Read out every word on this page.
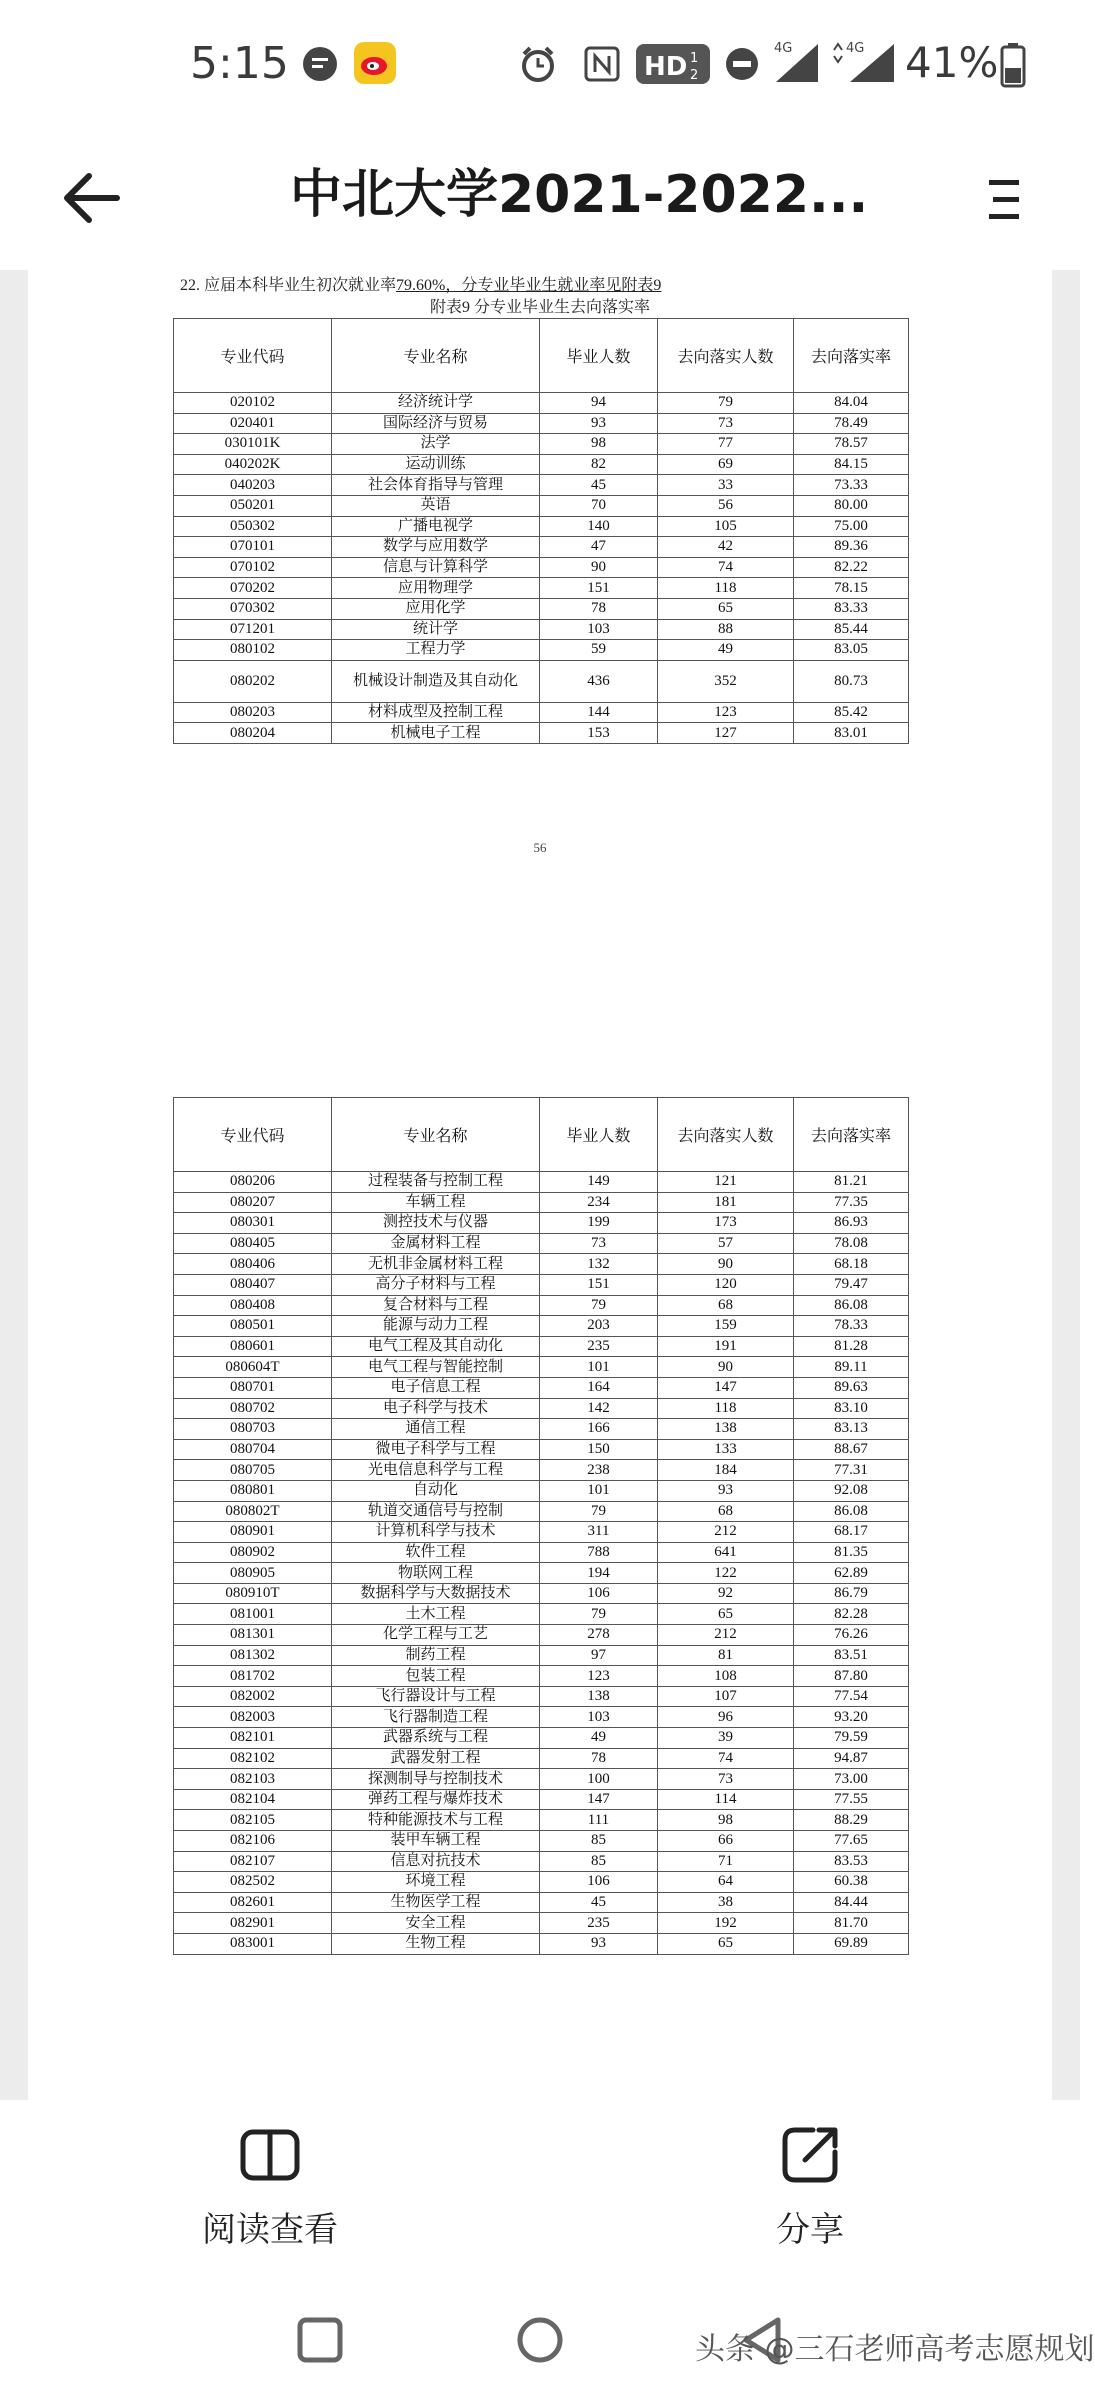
5:15	HD 1
2
4G	4G 41%
中北大学2021-2022...
22. 应届本科毕业生初次就业率79.60%，分专业毕业生就业率见附表9
附表9 分专业毕业生去向落实率
专业代码	专业名称	毕业人数	去向落实人数	去向落实率
020102	经济统计学	94	79	84.04
020401	国际经济与贸易	93	73	78.49
030101K	法学	98	77	78.57
040202K	运动训练	82	69	84.15
040203	社会体育指导与管理	45	33	73.33
050201	英语	70	56	80.00
050302	广播电视学	140	105	75.00
070101	数学与应用数学	47	42	89.36
070102	信息与计算科学	90	74	82.22
070202	应用物理学	151	118	78.15
070302	应用化学	78	65	83.33
071201	统计学	103	88	85.44
080102	工程力学	59	49	83.05
080202	机械设计制造及其自动化	436	352	80.73
080203	材料成型及控制工程	144	123	85.42
080204	机械电子工程	153	127	83.01
56
专业代码	专业名称	毕业人数	去向落实人数	去向落实率
080206	过程装备与控制工程	149	121	81.21
080207	车辆工程	234	181	77.35
080301	测控技术与仪器	199	173	86.93
080405	金属材料工程	73	57	78.08
080406	无机非金属材料工程	132	90	68.18
080407	高分子材料与工程	151	120	79.47
080408	复合材料与工程	79	68	86.08
080501	能源与动力工程	203	159	78.33
080601	电气工程及其自动化	235	191	81.28
080604T	电气工程与智能控制	101	90	89.11
080701	电子信息工程	164	147	89.63
080702	电子科学与技术	142	118	83.10
080703	通信工程	166	138	83.13
080704	微电子科学与工程	150	133	88.67
080705	光电信息科学与工程	238	184	77.31
080801	自动化	101	93	92.08
080802T	轨道交通信号与控制	79	68	86.08
080901	计算机科学与技术	311	212	68.17
080902	软件工程	788	641	81.35
080905	物联网工程	194	122	62.89
080910T	数据科学与大数据技术	106	92	86.79
081001	土木工程	79	65	82.28
081301	化学工程与工艺	278	212	76.26
081302	制药工程	97	81	83.51
081702	包装工程	123	108	87.80
082002	飞行器设计与工程	138	107	77.54
082003	飞行器制造工程	103	96	93.20
082101	武器系统与工程	49	39	79.59
082102	武器发射工程	78	74	94.87
082103	探测制导与控制技术	100	73	73.00
082104	弹药工程与爆炸技术	147	114	77.55
082105	特种能源技术与工程	111	98	88.29
082106	装甲车辆工程	85	66	77.65
082107	信息对抗技术	85	71	83.53
082502	环境工程	106	64	60.38
082601	生物医学工程	45	38	84.44
082901	安全工程	235	192	81.70
083001	生物工程	93	65	69.89
阅读查看	分享
头条 @三石老师高考志愿规划
